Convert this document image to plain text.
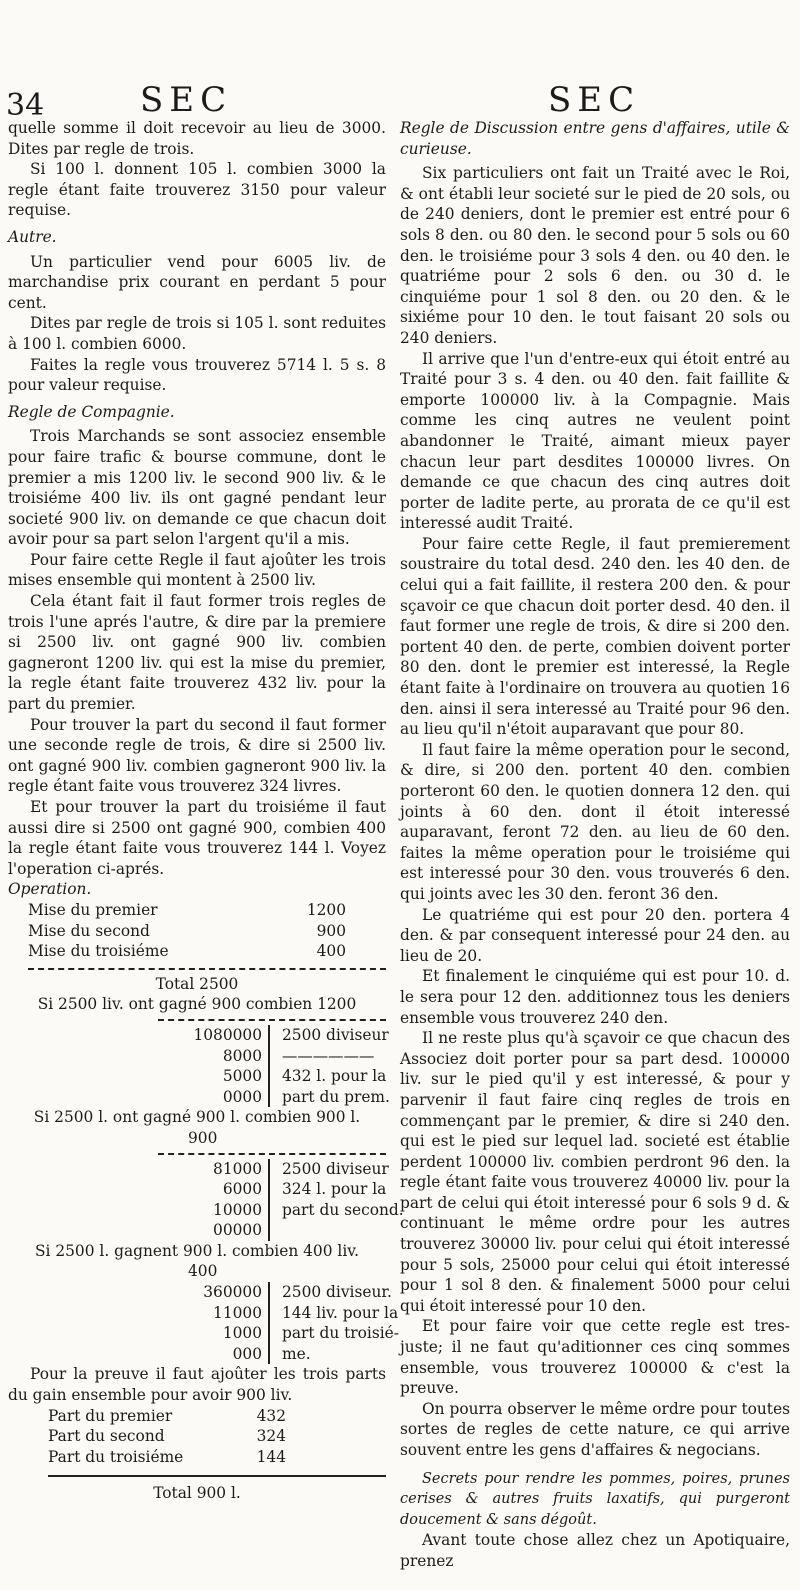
34	SEC	SEC

quelle somme il doit recevoir au lieu de 3000. Dites par regle de trois.

Si 100 l. donnent 105 l. combien 3000 la regle étant faite trouverez 3150 pour valeur requise.

Autre.

Un particulier vend pour 6005 liv. de marchandise prix courant en perdant 5 pour cent.

Dites par regle de trois si 105 l. sont reduites à 100 l. combien 6000.

Faites la regle vous trouverez 5714 l. 5 s. 8 pour valeur requise.

Regle de Compagnie.

Trois Marchands se sont associez ensemble pour faire trafic & bourse commune, dont le premier a mis 1200 liv. le second 900 liv. & le troisiéme 400 liv. ils ont gagné pendant leur societé 900 liv. on demande ce que chacun doit avoir pour sa part selon l'argent qu'il a mis.

Pour faire cette Regle il faut ajoûter les trois mises ensemble qui montent à 2500 liv.

Cela étant fait il faut former trois regles de trois l'une aprés l'autre, & dire par la premiere si 2500 liv. ont gagné 900 liv. combien gagneront 1200 liv. qui est la mise du premier, la regle étant faite trouverez 432 liv. pour la part du premier.

Pour trouver la part du second il faut former une seconde regle de trois, & dire si 2500 liv. ont gagné 900 liv. combien gagneront 900 liv. la regle étant faite vous trouverez 324 livres.

Et pour trouver la part du troisiéme il faut aussi dire si 2500 ont gagné 900, combien 400 la regle étant faite vous trouverez 144 l. Voyez l'operation ci-aprés.

Operation.

Mise du premier	1200
Mise du second	900
Mise du troisiéme	400
Total 2500
Si 2500 liv. ont gagné 900 combien 1200
1080000	2500 diviseur
8000	——————
5000	432 l. pour la
0000	part du prem.
Si 2500 l. ont gagné 900 l. combien 900 l.
900
81000	2500 diviseur
6000	324 l. pour la
10000	part du second.
00000
Si 2500 l. gagnent 900 l. combien 400 liv.
400
360000	2500 diviseur.
11000	144 liv. pour la
1000	part du troisié-
000	me.

Pour la preuve il faut ajoûter les trois parts du gain ensemble pour avoir 900 liv.

Part du premier	432
Part du second	324
Part du troisiéme	144
Total 900 l.

Regle de Discussion entre gens d'affaires, utile & curieuse.

Six particuliers ont fait un Traité avec le Roi, & ont établi leur societé sur le pied de 20 sols, ou de 240 deniers, dont le premier est entré pour 6 sols 8 den. ou 80 den. le second pour 5 sols ou 60 den. le troisiéme pour 3 sols 4 den. ou 40 den. le quatriéme pour 2 sols 6 den. ou 30 d. le cinquiéme pour 1 sol 8 den. ou 20 den. & le sixiéme pour 10 den. le tout faisant 20 sols ou 240 deniers.

Il arrive que l'un d'entre-eux qui étoit entré au Traité pour 3 s. 4 den. ou 40 den. fait faillite & emporte 100000 liv. à la Compagnie. Mais comme les cinq autres ne veulent point abandonner le Traité, aimant mieux payer chacun leur part desdites 100000 livres. On demande ce que chacun des cinq autres doit porter de ladite perte, au prorata de ce qu'il est interessé audit Traité.

Pour faire cette Regle, il faut premierement soustraire du total desd. 240 den. les 40 den. de celui qui a fait faillite, il restera 200 den. & pour sçavoir ce que chacun doit porter desd. 40 den. il faut former une regle de trois, & dire si 200 den. portent 40 den. de perte, combien doivent porter 80 den. dont le premier est interessé, la Regle étant faite à l'ordinaire on trouvera au quotien 16 den. ainsi il sera interessé au Traité pour 96 den. au lieu qu'il n'étoit auparavant que pour 80.

Il faut faire la même operation pour le second, & dire, si 200 den. portent 40 den. combien porteront 60 den. le quotien donnera 12 den. qui joints à 60 den. dont il étoit interessé auparavant, feront 72 den. au lieu de 60 den. faites la même operation pour le troisiéme qui est interessé pour 30 den. vous trouverés 6 den. qui joints avec les 30 den. feront 36 den.

Le quatriéme qui est pour 20 den. portera 4 den. & par consequent interessé pour 24 den. au lieu de 20.

Et finalement le cinquiéme qui est pour 10. d. le sera pour 12 den. additionnez tous les deniers ensemble vous trouverez 240 den.

Il ne reste plus qu'à sçavoir ce que chacun des Associez doit porter pour sa part desd. 100000 liv. sur le pied qu'il y est interessé, & pour y parvenir il faut faire cinq regles de trois en commençant par le premier, & dire si 240 den. qui est le pied sur lequel lad. societé est établie perdent 100000 liv. combien perdront 96 den. la regle étant faite vous trouverez 40000 liv. pour la part de celui qui étoit interessé pour 6 sols 9 d. & continuant le même ordre pour les autres trouverez 30000 liv. pour celui qui étoit interessé pour 5 sols, 25000 pour celui qui étoit interessé pour 1 sol 8 den. & finalement 5000 pour celui qui étoit interessé pour 10 den.

Et pour faire voir que cette regle est tres-juste; il ne faut qu'aditionner ces cinq sommes ensemble, vous trouverez 100000 & c'est la preuve.

On pourra observer le même ordre pour toutes sortes de regles de cette nature, ce qui arrive souvent entre les gens d'affaires & negocians.

Secrets pour rendre les pommes, poires, prunes cerises & autres fruits laxatifs, qui purgeront doucement & sans dégoût.

Avant toute chose allez chez un Apotiquaire, prenez
